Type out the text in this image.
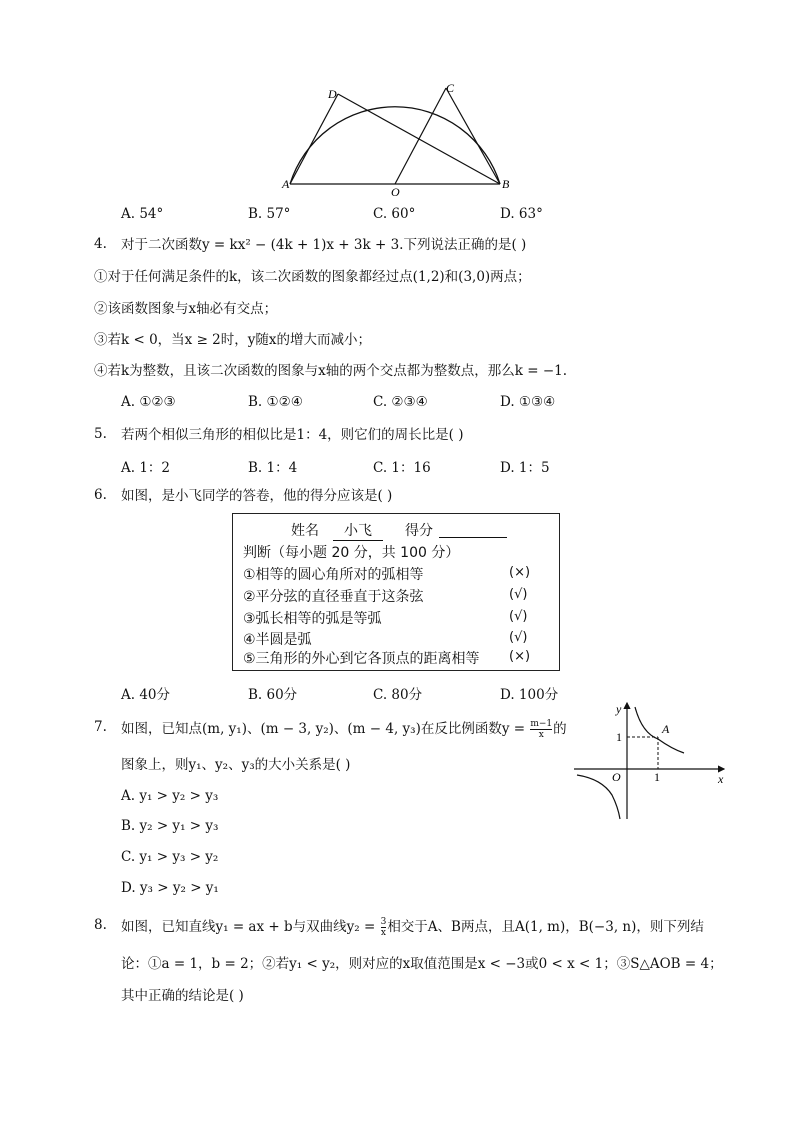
A
D	C
O
B
A. 54°	B. 57°	C. 60°	D. 63°
4. 对于二次函数y = kx² − (4k + 1)x + 3k + 3.下列说法正确的是( )
①对于任何满足条件的k，该二次函数的图象都经过点(1,2)和(3,0)两点；
②该函数图象与x轴必有交点；
③若k < 0，当x ≥ 2时，y随x的增大而减小；
④若k为整数，且该二次函数的图象与x轴的两个交点都为整数点，那么k = −1.
A. ①②③	B. ①②④	C. ②③④	D. ①③④
5. 若两个相似三角形的相似比是1：4，则它们的周长比是( )
A. 1：2	B. 1：4	C. 1：16	D. 1：5
6. 如图，是小飞同学的答卷，他的得分应该是( )
姓名	小飞	得分
判断（每小题 20 分，共 100 分）
①相等的圆心角所对的弧相等	(×)
②平分弦的直径垂直于这条弦	(√)
③弧长相等的弧是等弧	(√)
④半圆是弧	(√)
⑤三角形的外心到它各顶点的距离相等 (×)
A. 40分	B. 60分	C. 80分	D. 100分
7. 如图，已知点(m, y₁)、(m − 3, y₂)、(m − 4, y₃)在反比例函数$y = \frac{m-1}{x}$ 的
图象上，则y₁、y₂、y₃的大小关系是( )
A. y₁ > y₂ > y₃
B. y₂ > y₁ > y₃
C. y₁ > y₃ > y₂
D. y₃ > y₂ > y₁
y
x
O
A
1
1
8. 如图，已知直线y₁ = ax + b与双曲线$y_2 = \frac{3}{x}$ 相交于A、B两点，且A(1, m)，B(−3, n)，则下列结
论：①a = 1，b = 2；②若y₁ < y₂，则对应的x取值范围是x < −3或0 < x < 1；③S△AOB = 4；
其中正确的结论是( )
